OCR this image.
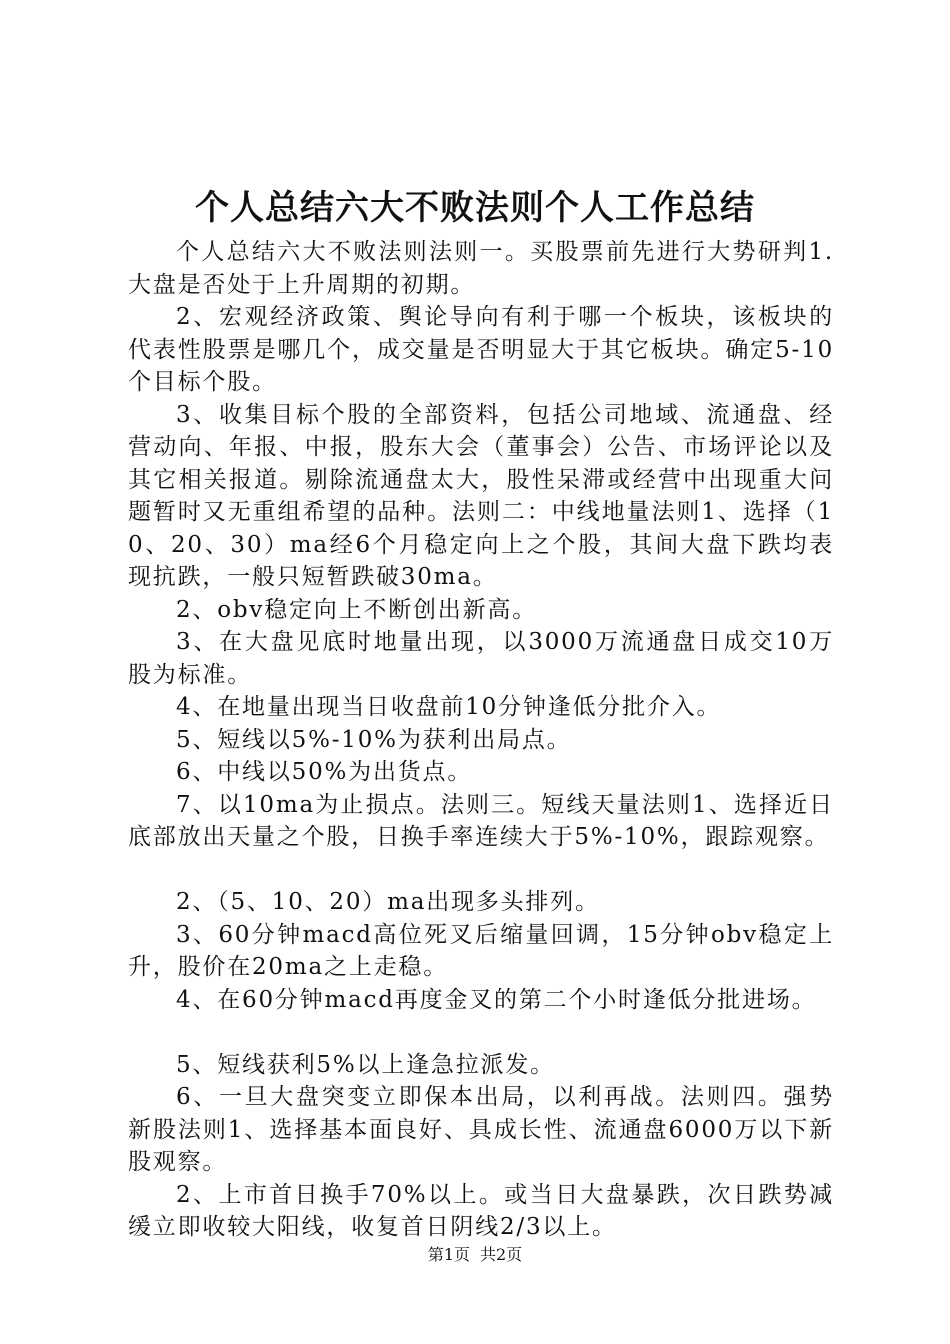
个人总结六大不败法则个人工作总结

个人总结六大不败法则法则一。买股票前先进行大势研判1.大盘是否处于上升周期的初期。

2、宏观经济政策、舆论导向有利于哪一个板块，该板块的代表性股票是哪几个，成交量是否明显大于其它板块。确定5-10个目标个股。

3、收集目标个股的全部资料，包括公司地域、流通盘、经营动向、年报、中报，股东大会（董事会）公告、市场评论以及其它相关报道。剔除流通盘太大，股性呆滞或经营中出现重大问题暂时又无重组希望的品种。法则二：中线地量法则1、选择（10、20、30）ma经6个月稳定向上之个股，其间大盘下跌均表现抗跌，一般只短暂跌破30ma。

2、obv稳定向上不断创出新高。

3、在大盘见底时地量出现，以3000万流通盘日成交10万股为标准。

4、在地量出现当日收盘前10分钟逢低分批介入。

5、短线以5%-10%为获利出局点。

6、中线以50%为出货点。

7、以10ma为止损点。法则三。短线天量法则1、选择近日底部放出天量之个股，日换手率连续大于5%-10%，跟踪观察。

2、（5、10、20）ma出现多头排列。

3、60分钟macd高位死叉后缩量回调，15分钟obv稳定上升，股价在20ma之上走稳。

4、在60分钟macd再度金叉的第二个小时逢低分批进场。

5、短线获利5%以上逢急拉派发。

6、一旦大盘突变立即保本出局，以利再战。法则四。强势新股法则1、选择基本面良好、具成长性、流通盘6000万以下新股观察。

2、上市首日换手70%以上。或当日大盘暴跌，次日跌势减缓立即收较大阳线，收复首日阴线2/3以上。

第1页 共2页
